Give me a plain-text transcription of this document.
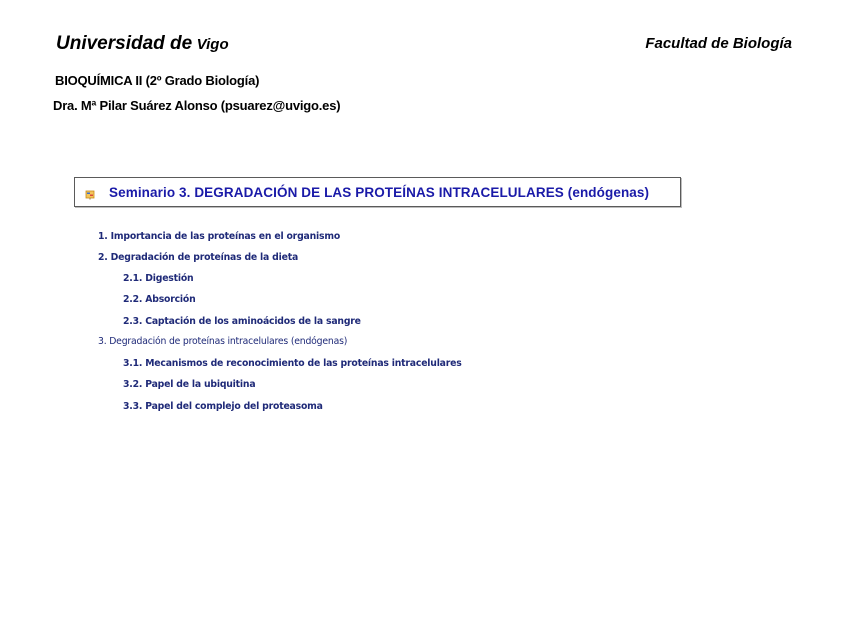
Universidad de Vigo	Facultad de Biología
BIOQUÍMICA II (2º Grado Biología)
Dra. Mª Pilar Suárez Alonso (psuarez@uvigo.es)
Seminario 3. DEGRADACIÓN DE LAS PROTEÍNAS INTRACELULARES (endógenas)
1. Importancia de las proteínas en el organismo
2. Degradación de proteínas de la dieta
2.1. Digestión
2.2. Absorción
2.3. Captación de los aminoácidos de la sangre
3. Degradación de proteínas intracelulares (endógenas)
3.1. Mecanismos de reconocimiento de las proteínas intracelulares
3.2. Papel de la ubiquitina
3.3. Papel del complejo del proteasoma
